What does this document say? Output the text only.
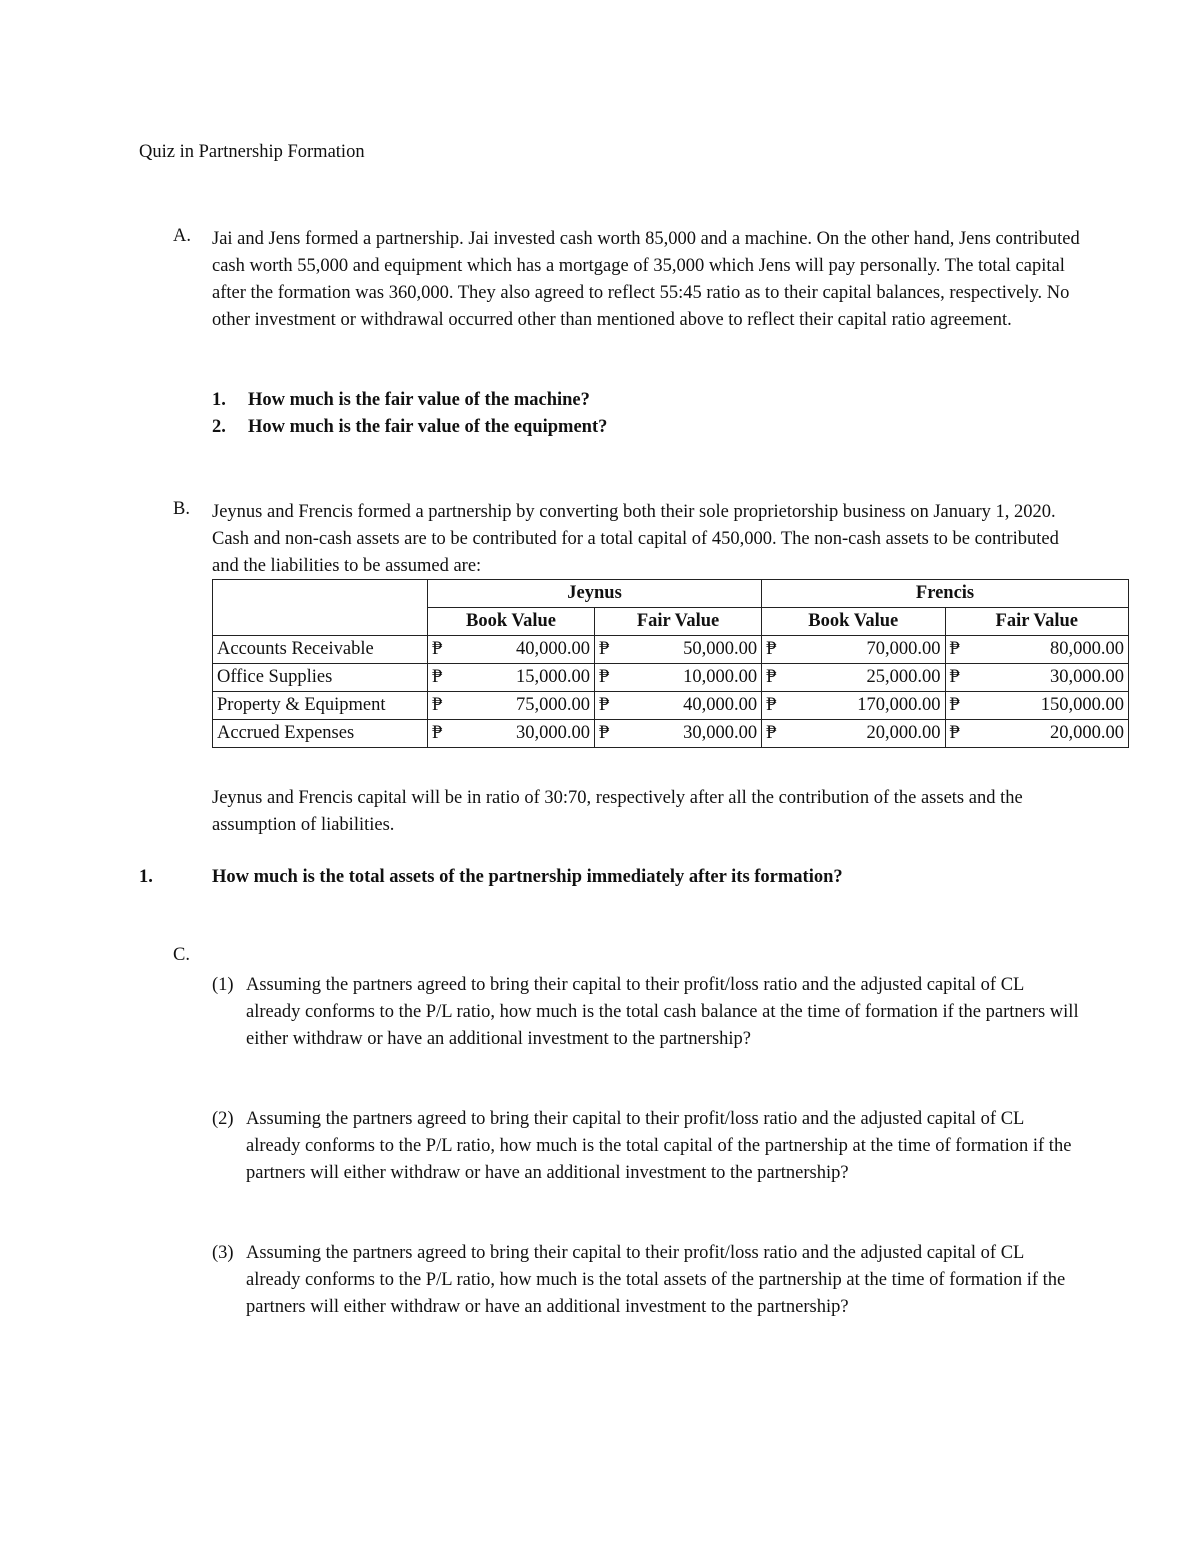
Quiz in Partnership Formation
A.	Jai and Jens formed a partnership. Jai invested cash worth 85,000 and a machine. On the other hand, Jens contributed cash worth 55,000 and equipment which has a mortgage of 35,000 which Jens will pay personally. The total capital after the formation was 360,000. They also agreed to reflect 55:45 ratio as to their capital balances, respectively. No other investment or withdrawal occurred other than mentioned above to reflect their capital ratio agreement.

1. How much is the fair value of the machine?
2. How much is the fair value of the equipment?
B.	Jeynus and Frencis formed a partnership by converting both their sole proprietorship business on January 1, 2020. Cash and non-cash assets are to be contributed for a total capital of 450,000. The non-cash assets to be contributed and the liabilities to be assumed are:

	Jeynus				Frencis			
	Book Value		Fair Value		Book Value		Fair Value	
Accounts Receivable	₱	40,000.00	₱	50,000.00	₱	70,000.00	₱	80,000.00
Office Supplies	₱	15,000.00	₱	10,000.00	₱	25,000.00	₱	30,000.00
Property & Equipment	₱	75,000.00	₱	40,000.00	₱	170,000.00	₱	150,000.00
Accrued Expenses	₱	30,000.00	₱	30,000.00	₱	20,000.00	₱	20,000.00

Jeynus and Frencis capital will be in ratio of 30:70, respectively after all the contribution of the assets and the assumption of liabilities.

1.	How much is the total assets of the partnership immediately after its formation?
C.
(1) Assuming the partners agreed to bring their capital to their profit/loss ratio and the adjusted capital of CL already conforms to the P/L ratio, how much is the total cash balance at the time of formation if the partners will either withdraw or have an additional investment to the partnership?
(2) Assuming the partners agreed to bring their capital to their profit/loss ratio and the adjusted capital of CL already conforms to the P/L ratio, how much is the total capital of the partnership at the time of formation if the partners will either withdraw or have an additional investment to the partnership?
(3) Assuming the partners agreed to bring their capital to their profit/loss ratio and the adjusted capital of CL already conforms to the P/L ratio, how much is the total assets of the partnership at the time of formation if the partners will either withdraw or have an additional investment to the partnership?
